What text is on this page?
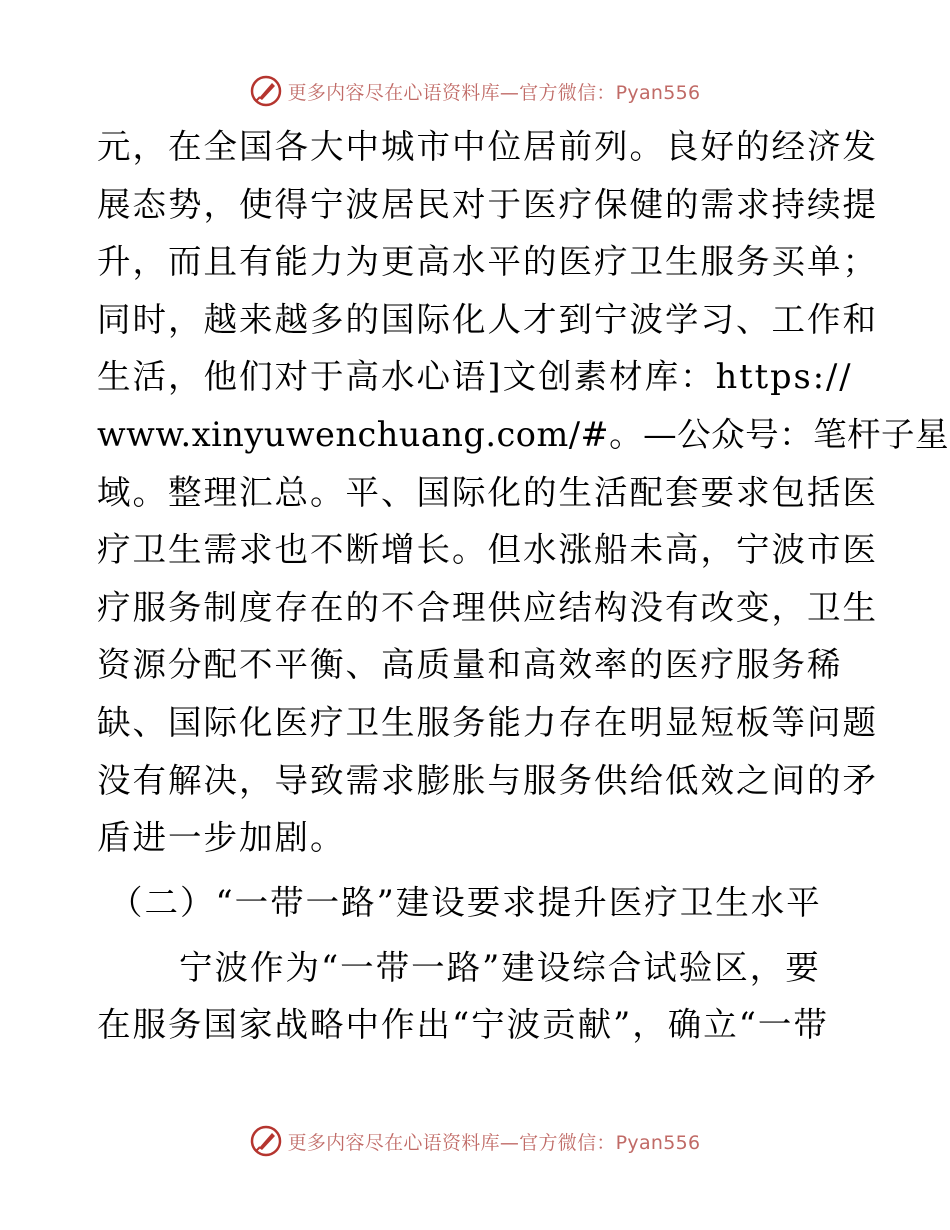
更多内容尽在心语资料库—官方微信：Pyan556
元，在全国各大中城市中位居前列。良好的经济发
展态势，使得宁波居民对于医疗保健的需求持续提
升，而且有能力为更高水平的医疗卫生服务买单；
同时，越来越多的国际化人才到宁波学习、工作和
生活，他们对于高水心语]文创素材库：https://
www.xinyuwenchuang.com/#。—公众号：笔杆子星
域。整理汇总。平、国际化的生活配套要求包括医
疗卫生需求也不断增长。但水涨船未高，宁波市医
疗服务制度存在的不合理供应结构没有改变，卫生
资源分配不平衡、高质量和高效率的医疗服务稀
缺、国际化医疗卫生服务能力存在明显短板等问题
没有解决，导致需求膨胀与服务供给低效之间的矛
盾进一步加剧。
（二）“一带一路”建设要求提升医疗卫生水平
宁波作为“一带一路”建设综合试验区，要
在服务国家战略中作出“宁波贡献”，确立“一带
更多内容尽在心语资料库—官方微信：Pyan556
